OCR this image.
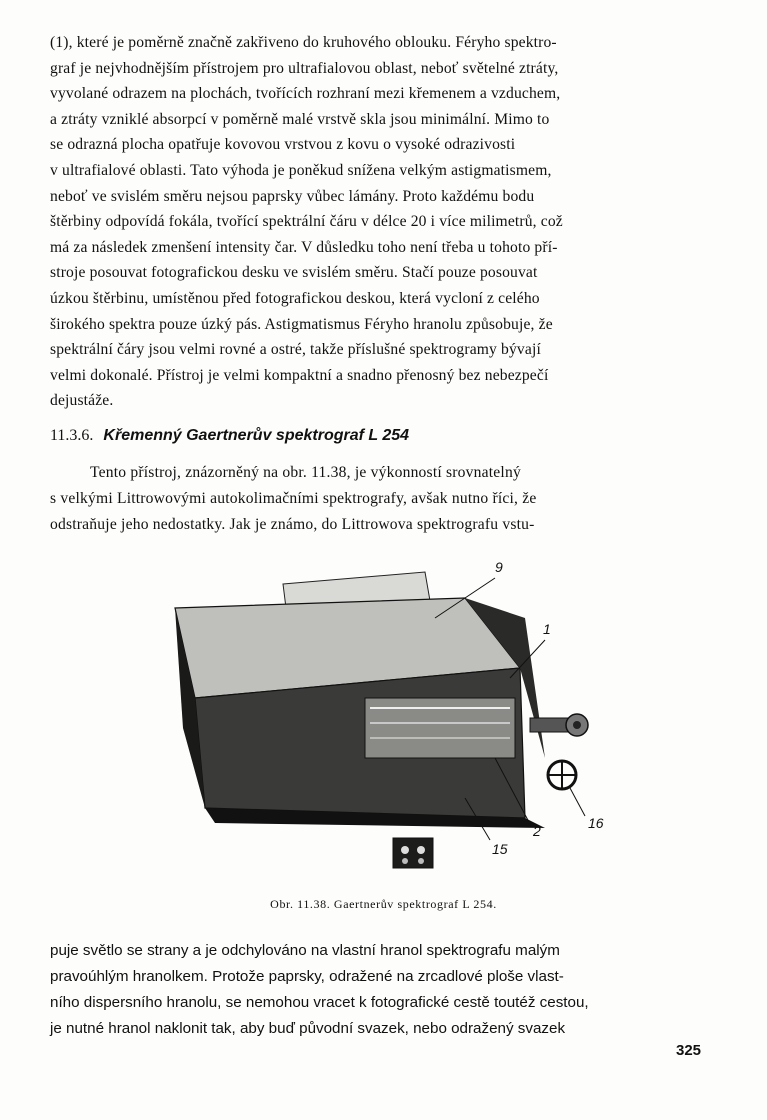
(1), které je poměrně značně zakřiveno do kruhového oblouku. Féryho spektro-
graf je nejvhodnějším přístrojem pro ultrafialovou oblast, neboť světelné ztráty,
vyvolané odrazem na plochách, tvořících rozhraní mezi křemenem a vzduchem,
a ztráty vzniklé absorpcí v poměrně malé vrstvě skla jsou minimální. Mimo to
se odrazná plocha opatřuje kovovou vrstvou z kovu o vysoké odrazivosti
v ultrafialové oblasti. Tato výhoda je poněkud snížena velkým astigmatismem,
neboť ve svislém směru nejsou paprsky vůbec lámány. Proto každému bodu
štěrbiny odpovídá fokála, tvořící spektrální čáru v délce 20 i více milimetrů, což
má za následek zmenšení intensity čar. V důsledku toho není třeba u tohoto pří-
stroje posouvat fotografickou desku ve svislém směru. Stačí pouze posouvat
úzkou štěrbinu, umístěnou před fotografickou deskou, která vycloní z celého
širokého spektra pouze úzký pás. Astigmatismus Féryho hranolu způsobuje, že
spektrální čáry jsou velmi rovné a ostré, takže příslušné spektrogramy bývají
velmi dokonalé. Přístroj je velmi kompaktní a snadno přenosný bez nebezpečí
dejustáže.
11.3.6. Křemenný Gaertnerův spektrograf L 254
Tento přístroj, znázorněný na obr. 11.38, je výkonností srovnatelný
s velkými Littrowovými autokolimačními spektrografy, avšak nutno říci, že
odstraňuje jeho nedostatky. Jak je známo, do Littrowova spektrografu vstu-
9
1
2	16
15
Obr. 11.38. Gaertnerův spektrograf L 254.
puje světlo se strany a je odchylováno na vlastní hranol spektrografu malým
pravoúhlým hranolkem. Protože paprsky, odražené na zrcadlové ploše vlast-
ního dispersního hranolu, se nemohou vracet k fotografické cestě toutéž cestou,
je nutné hranol naklonit tak, aby buď původní svazek, nebo odražený svazek
325
